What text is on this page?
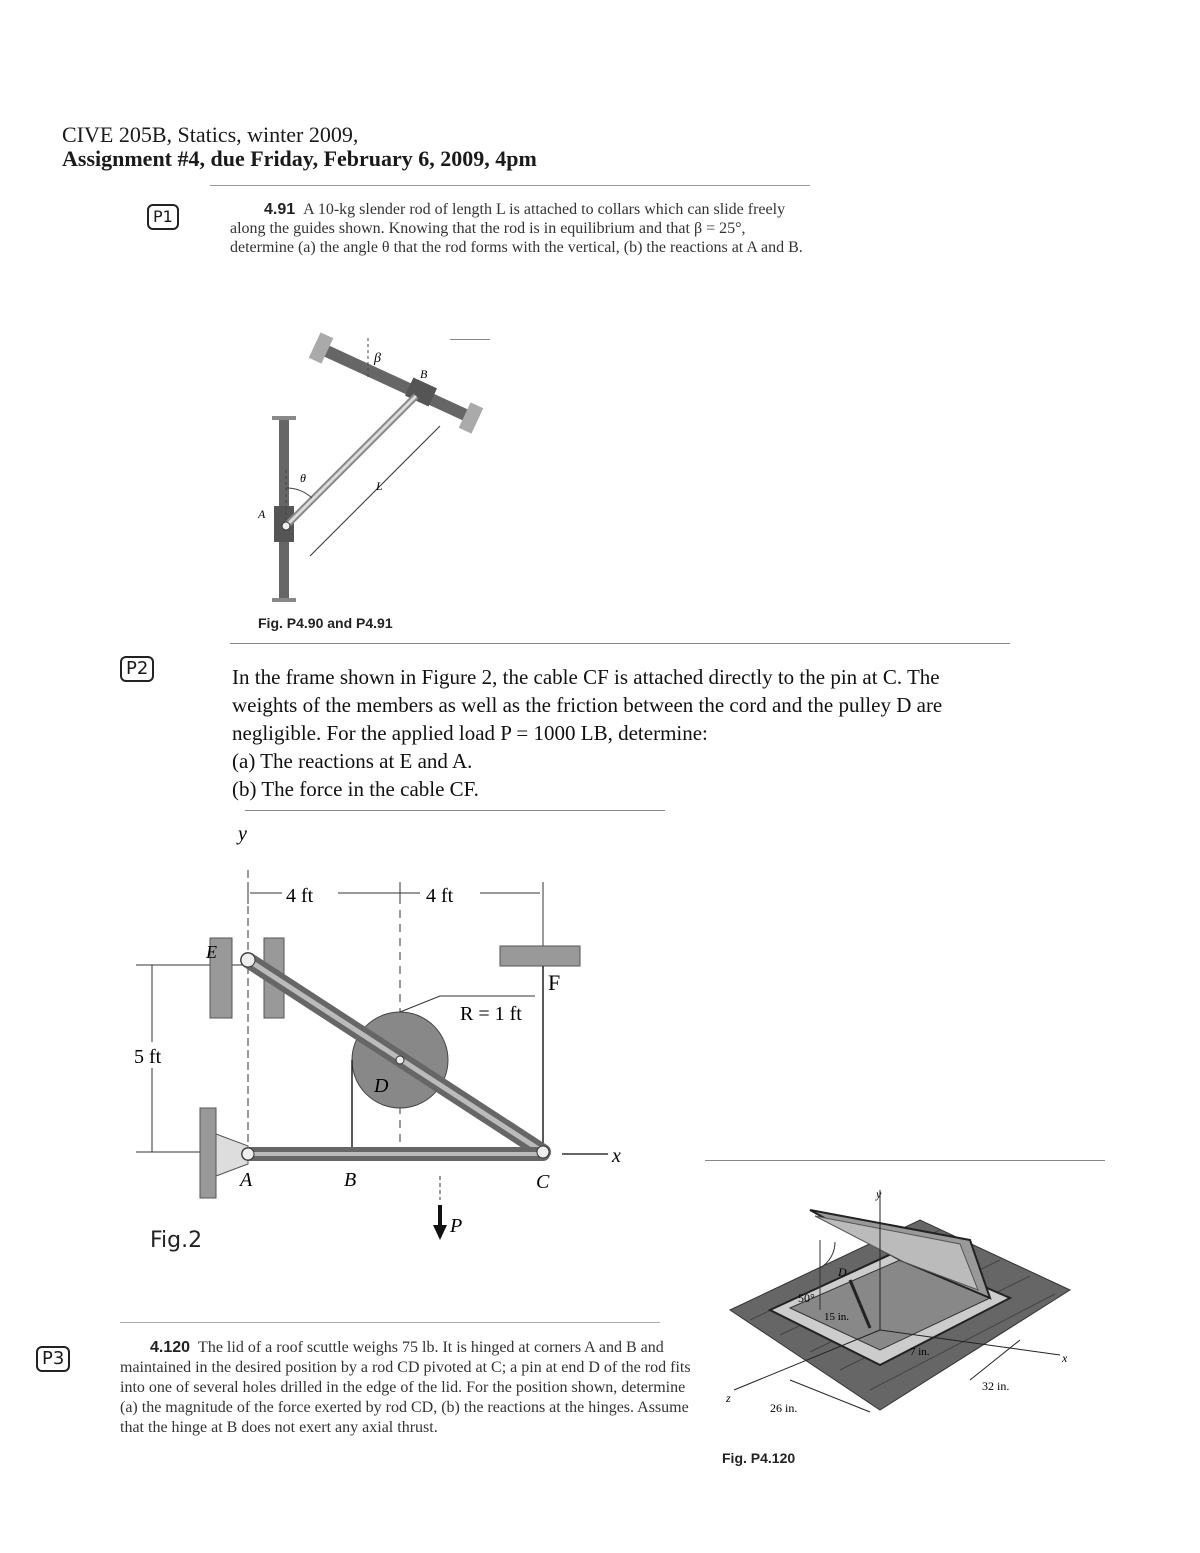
CIVE 205B, Statics, winter 2009,
Assignment #4, due Friday, February 6, 2009, 4pm
P1	4.91 A 10-kg slender rod of length L is attached to collars which can slide freely along the guides shown. Knowing that the rod is in equilibrium and that β = 25°, determine (a) the angle θ that the rod forms with the vertical, (b) the reactions at A and B.
β
B
A
θ
L
Fig. P4.90 and P4.91
P2	In the frame shown in Figure 2, the cable CF is attached directly to the pin at C. The
weights of the members as well as the friction between the cord and the pulley D are
negligible. For the applied load P = 1000 LB, determine:
(a) The reactions at E and A.
(b) The force in the cable CF.
y
4 ft	4 ft
5 ft
E
F
R = 1 ft
D
x
A	B	C
P
Fig.2
P3
4.120 The lid of a roof scuttle weighs 75 lb. It is hinged at corners A and B and maintained in the desired position by a rod CD pivoted at C; a pin at end D of the rod fits into one of several holes drilled in the edge of the lid. For the position shown, determine (a) the magnitude of the force exerted by rod CD, (b) the reactions at the hinges. Assume that the hinge at B does not exert any axial thrust.
D
50°
15 in.
7 in.
y
x
z
26 in.
32 in.
Fig. P4.120
